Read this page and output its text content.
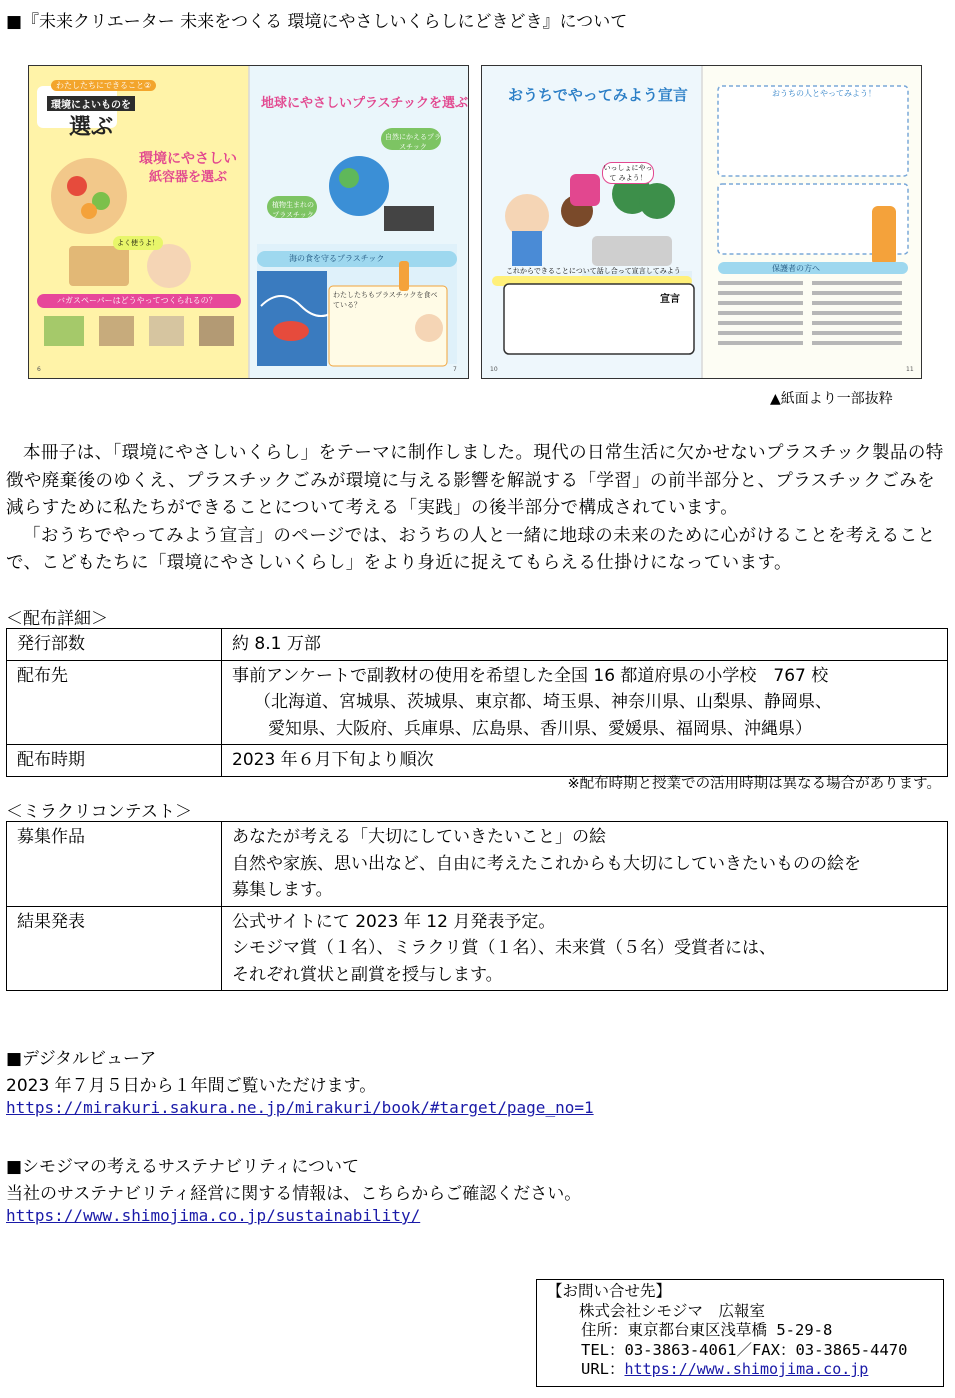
■『未来クリエーター 未来をつくる 環境にやさしいくらしにどきどき』について
わたしたちにできること②
環境によいものを
選ぶ
環境にやさしい
紙容器を選ぶ
よく使うよ！
バガスペーパーはどうやってつくられるの？
地球にやさしいプラスチックを選ぶ
自然にかえるプラスチック
植物生まれのプラスチック
海の食を守るプラスチック
わたしたちもプラスチックを食べている？
6	7
おうちでやってみよう宣言	おうちの人とやってみよう！
いっしょにやって みよう！
これからできることについて話し合って宣言してみよう
宣言
保護者の方へ
10	11
▲紙面より一部抜粋

本冊子は、「環境にやさしいくらし」をテーマに制作しました。現代の日常生活に欠かせないプラスチック製品の特徴や廃棄後のゆくえ、プラスチックごみが環境に与える影響を解説する「学習」の前半部分と、プラスチックごみを減らすために私たちができることについて考える「実践」の後半部分で構成されています。

「おうちでやってみよう宣言」のページでは、おうちの人と一緒に地球の未来のために心がけることを考えることで、こどもたちに「環境にやさしいくらし」をより身近に捉えてもらえる仕掛けになっています。

＜配布詳細＞
発行部数	約 8.1 万部

配布先	事前アンケートで副教材の使用を希望した全国 16 都道府県の小学校　767 校
（北海道、宮城県、茨城県、東京都、埼玉県、神奈川県、山梨県、静岡県、
愛知県、大阪府、兵庫県、広島県、香川県、愛媛県、福岡県、沖縄県）

配布時期	2023 年６月下旬より順次
※配布時期と授業での活用時期は異なる場合があります。
＜ミラクリコンテスト＞
募集作品	あなたが考える「大切にしていきたいこと」の絵
自然や家族、思い出など、自由に考えたこれからも大切にしていきたいものの絵を
募集します。

結果発表	公式サイトにて 2023 年 12 月発表予定。
シモジマ賞（１名）、ミラクリ賞（１名）、未来賞（５名）受賞者には、
それぞれ賞状と副賞を授与します。
■デジタルビューア
2023 年７月５日から１年間ご覧いただけます。
https://mirakuri.sakura.ne.jp/mirakuri/book/#target/page_no=1
■シモジマの考えるサステナビリティについて
当社のサステナビリティ経営に関する情報は、こちらからご確認ください。
https://www.shimojima.co.jp/sustainability/
【お問い合せ先】
株式会社シモジマ　広報室
住所：東京都台東区浅草橋 5-29-8
TEL：03-3863-4061／FAX：03-3865-4470
URL：https://www.shimojima.co.jp
